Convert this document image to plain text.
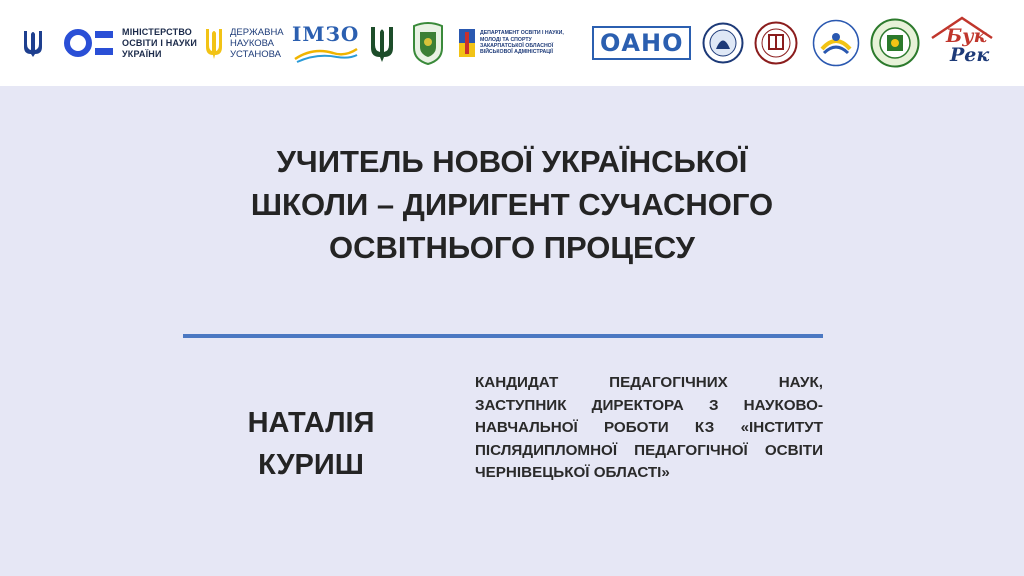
МІНІСТЕРСТВО
ОСВІТИ І НАУКИ
УКРАЇНИ
ДЕРЖАВНА
НАУКОВА
УСТАНОВА
ІМЗО	ДЕПАРТАМЕНТ ОСВІТИ І НАУКИ,
МОЛОДІ ТА СПОРТУ
ЗАКАРПАТСЬКОЇ ОБЛАСНОЇ
ВІЙСЬКОВОЇ АДМІНІСТРАЦІЇ	ОАНО	Бук
Рек
УЧИТЕЛЬ НОВОЇ УКРАЇНСЬКОЇ
ШКОЛИ – ДИРИГЕНТ СУЧАСНОГО
ОСВІТНЬОГО ПРОЦЕСУ
НАТАЛІЯ
КУРИШ
КАНДИДАТ ПЕДАГОГІЧНИХ НАУК, ЗАСТУПНИК ДИРЕКТОРА З НАУКОВО-НАВЧАЛЬНОЇ РОБОТИ КЗ «ІНСТИТУТ ПІСЛЯДИПЛОМНОЇ ПЕДАГОГІЧНОЇ ОСВІТИ ЧЕРНІВЕЦЬКОЇ ОБЛАСТІ»
